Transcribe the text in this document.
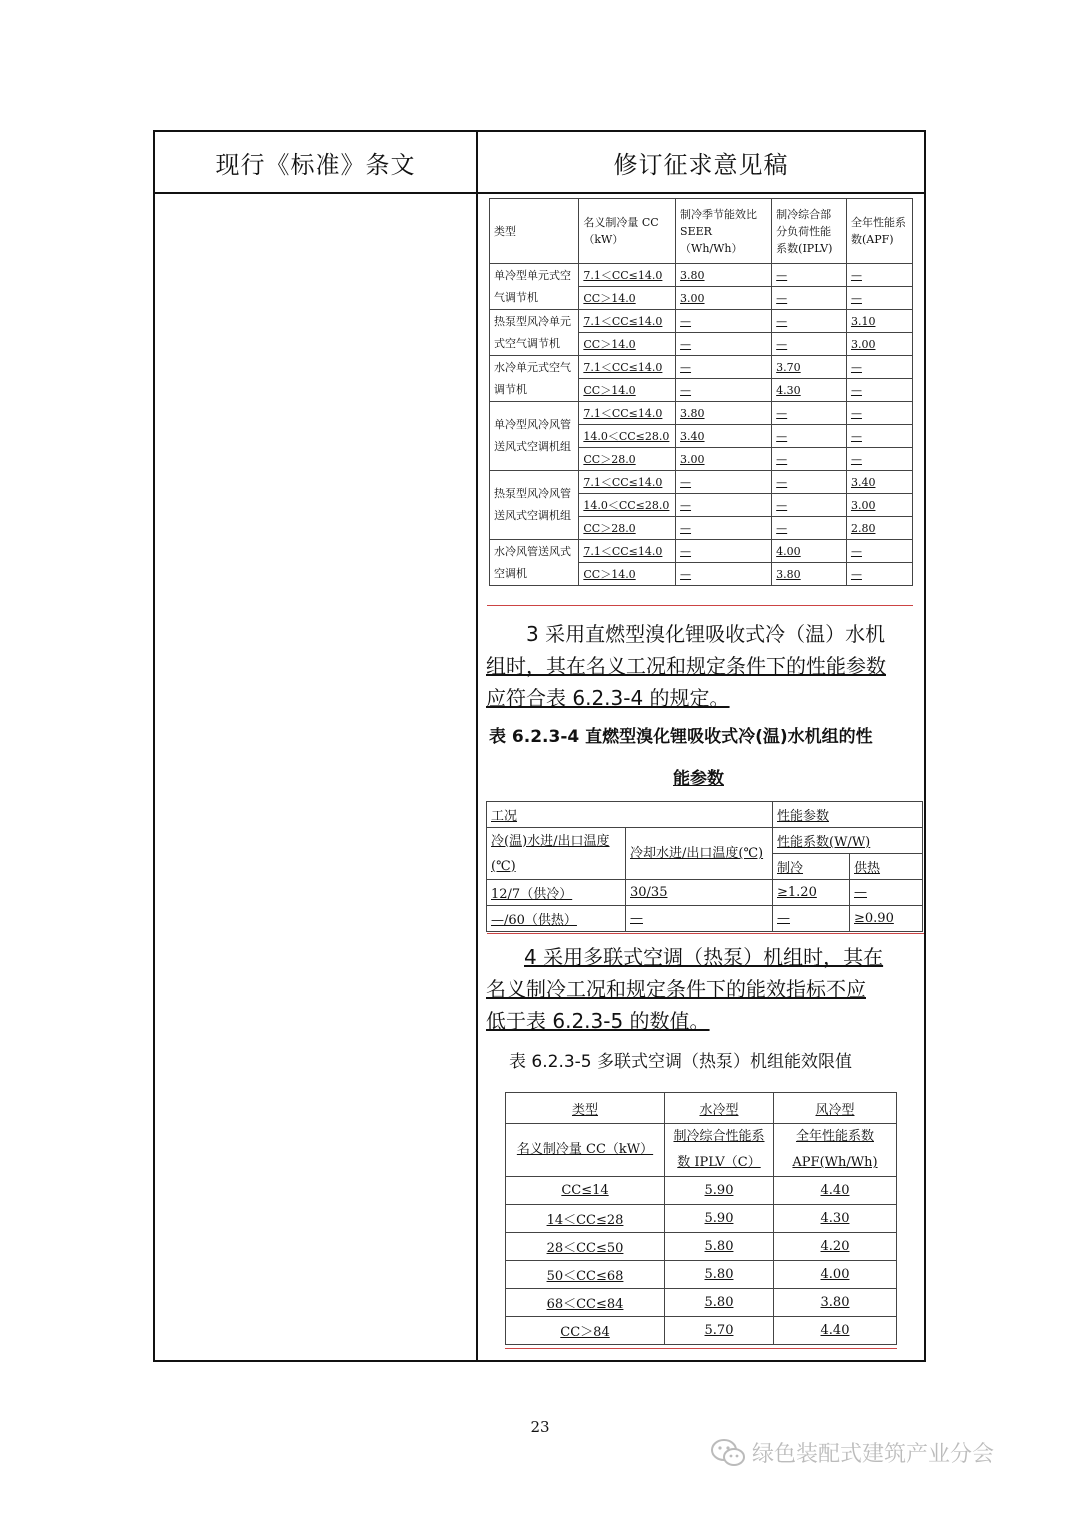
现行《标准》条文	修订征求意见稿
类型	名义制冷量 CC（kW）	制冷季节能效比SEER（Wh/Wh）	制冷综合部分负荷性能系数(IPLV)	全年性能系数(APF)
单冷型单元式空气调节机	7.1＜CC≤14.0	3.80	—	—
	CC＞14.0	3.00	—	—
热泵型风冷单元式空气调节机	7.1＜CC≤14.0	—	—	3.10
	CC＞14.0	—	—	3.00
水冷单元式空气调节机	7.1＜CC≤14.0	—	3.70	—
	CC＞14.0	—	4.30	—
单冷型风冷风管送风式空调机组	7.1＜CC≤14.0	3.80	—	—
	14.0＜CC≤28.0	3.40	—	—
	CC＞28.0	3.00	—	—
热泵型风冷风管送风式空调机组	7.1＜CC≤14.0	—	—	3.40
	14.0＜CC≤28.0	—	—	3.00
	CC＞28.0	—	—	2.80
水冷风管送风式空调机	7.1＜CC≤14.0	—	4.00	—
	CC＞14.0	—	3.80	—
3 采用直燃型溴化锂吸收式冷（温）水机
组时，其在名义工况和规定条件下的性能参数
应符合表 6.2.3-4 的规定。
表 6.2.3-4 直燃型溴化锂吸收式冷(温)水机组的性
能参数
工况		性能参数	
冷(温)水进/出口温度(℃)	冷却水进/出口温度(℃)	性能系数(W/W)	
		制冷	供热
12/7（供冷）	30/35	≥1.20	—
—/60（供热）	—	—	≥0.90
4 采用多联式空调（热泵）机组时，其在
名义制冷工况和规定条件下的能效指标不应
低于表 6.2.3-5 的数值。
表 6.2.3-5 多联式空调（热泵）机组能效限值
类型	水冷型	风冷型
名义制冷量 CC（kW）	制冷综合性能系数 IPLV（C）	全年性能系数 APF(Wh/Wh)
CC≤14	5.90	4.40
14＜CC≤28	5.90	4.30
28＜CC≤50	5.80	4.20
50＜CC≤68	5.80	4.00
68＜CC≤84	5.80	3.80
CC＞84	5.70	4.40
23
绿色装配式建筑产业分会
